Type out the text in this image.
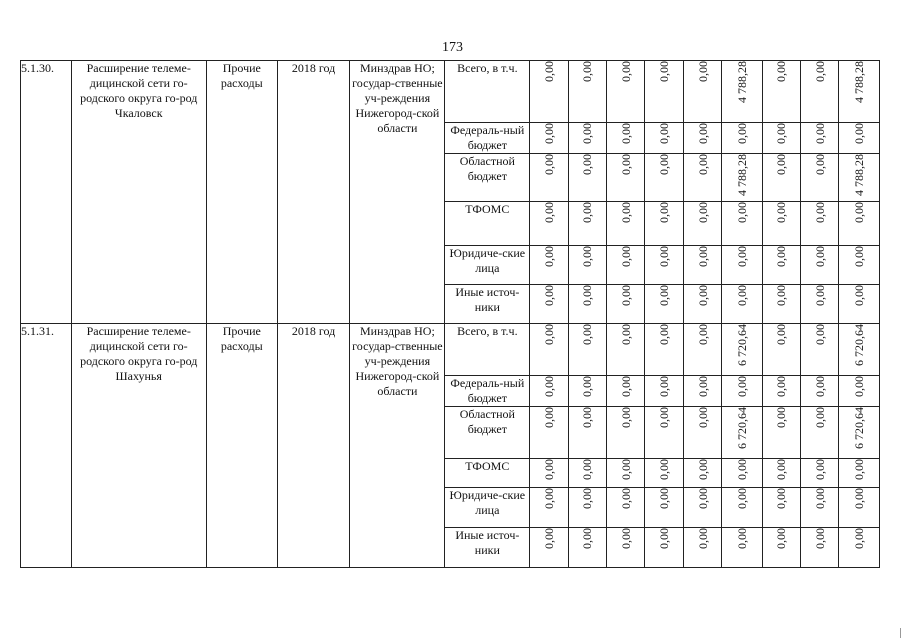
173
5.1.30.	Расширение телеме-дицинской сети го-родского округа го-род Чкаловск	Прочие расходы	2018 год	Минздрав НО; государ-ственные уч-реждения Нижегород-ской области	Всего, в т.ч.	0,00	0,00	0,00	0,00	0,00	4 788,28	0,00	0,00	4 788,28
					Федераль-ный бюджет	0,00	0,00	0,00	0,00	0,00	0,00	0,00	0,00	0,00
					Областной бюджет	0,00	0,00	0,00	0,00	0,00	4 788,28	0,00	0,00	4 788,28
					ТФОМС	0,00	0,00	0,00	0,00	0,00	0,00	0,00	0,00	0,00
					Юридиче-ские лица	0,00	0,00	0,00	0,00	0,00	0,00	0,00	0,00	0,00
					Иные источ-ники	0,00	0,00	0,00	0,00	0,00	0,00	0,00	0,00	0,00
5.1.31.	Расширение телеме-дицинской сети го-родского округа го-род Шахунья	Прочие расходы	2018 год	Минздрав НО; государ-ственные уч-реждения Нижегород-ской области	Всего, в т.ч.	0,00	0,00	0,00	0,00	0,00	6 720,64	0,00	0,00	6 720,64
					Федераль-ный бюджет	0,00	0,00	0,00	0,00	0,00	0,00	0,00	0,00	0,00
					Областной бюджет	0,00	0,00	0,00	0,00	0,00	6 720,64	0,00	0,00	6 720,64
					ТФОМС	0,00	0,00	0,00	0,00	0,00	0,00	0,00	0,00	0,00
					Юридиче-ские лица	0,00	0,00	0,00	0,00	0,00	0,00	0,00	0,00	0,00
					Иные источ-ники	0,00	0,00	0,00	0,00	0,00	0,00	0,00	0,00	0,00
